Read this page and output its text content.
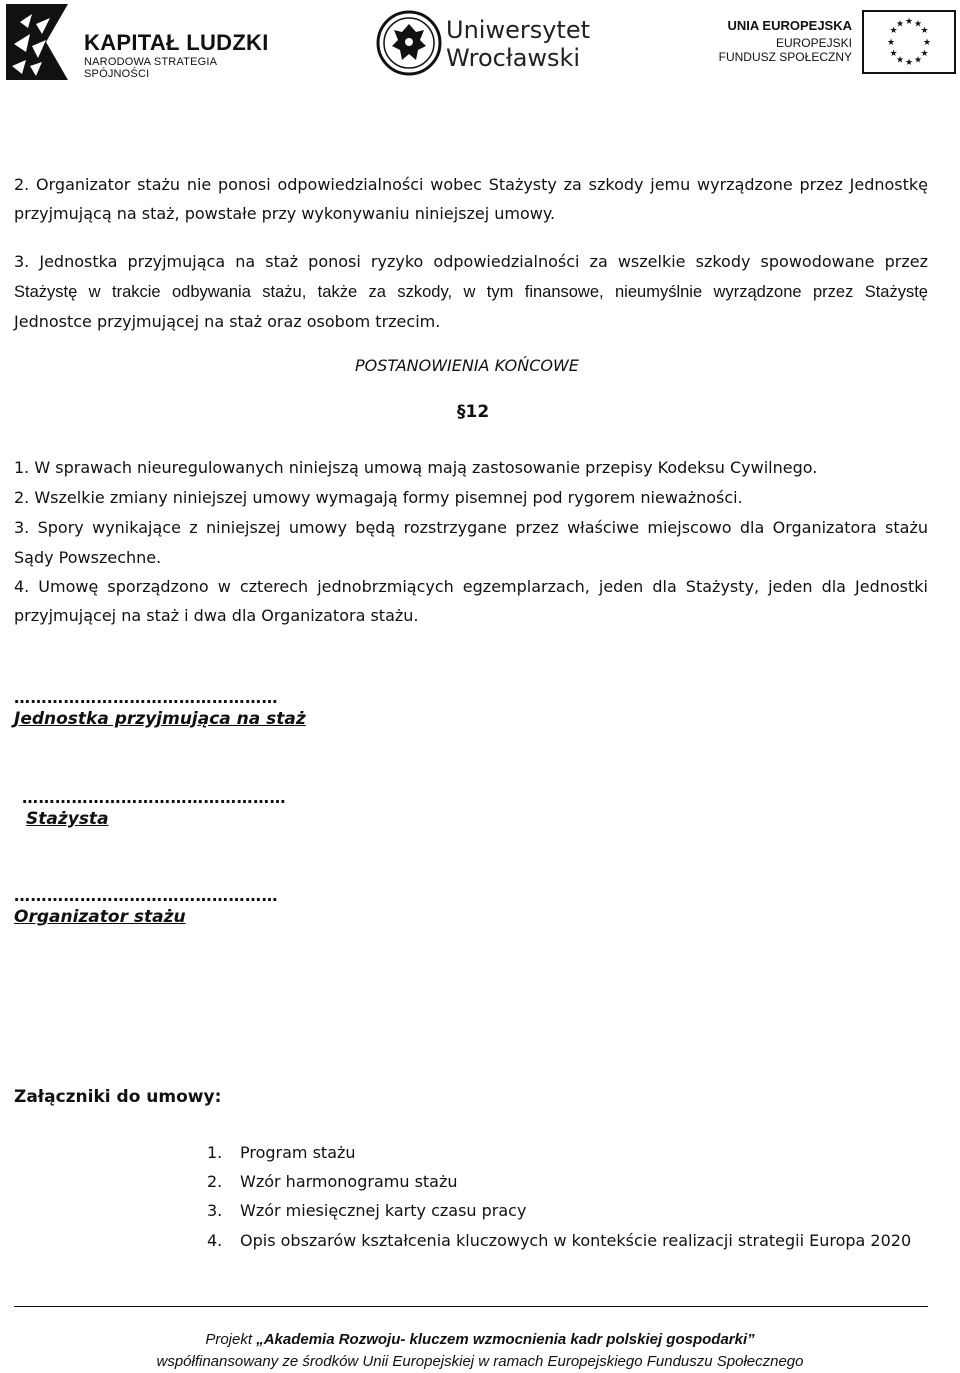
KAPITAŁ LUDZKI
NARODOWA STRATEGIA SPÓJNOŚCI
Uniwersytet
Wrocławski
UNIA EUROPEJSKA
EUROPEJSKI
FUNDUSZ SPOŁECZNY
★ ★
★
★
★
★
★
★
★
★
★
★
2. Organizator stażu nie ponosi odpowiedzialności wobec Stażysty za szkody jemu wyrządzone przez Jednostkę
przyjmującą na staż, powstałe przy wykonywaniu niniejszej umowy.
3. Jednostka przyjmująca na staż ponosi ryzyko odpowiedzialności za wszelkie szkody spowodowane przez
Stażystę w trakcie odbywania stażu, także za szkody, w tym finansowe, nieumyślnie wyrządzone przez Stażystę
Jednostce przyjmującej na staż oraz osobom trzecim.
POSTANOWIENIA KOŃCOWE
§12
1. W sprawach nieuregulowanych niniejszą umową mają zastosowanie przepisy Kodeksu Cywilnego.
2. Wszelkie zmiany niniejszej umowy wymagają formy pisemnej pod rygorem nieważności.
3. Spory wynikające z niniejszej umowy będą rozstrzygane przez właściwe miejscowo dla Organizatora stażu
Sądy Powszechne.
4. Umowę sporządzono w czterech jednobrzmiących egzemplarzach, jeden dla Stażysty, jeden dla Jednostki
przyjmującej na staż i dwa dla Organizatora stażu.
…………………………………………
Jednostka przyjmująca na staż
…………………………………………
Stażysta
…………………………………………
Organizator stażu
Załączniki do umowy:
1. Program stażu
2. Wzór harmonogramu stażu
3. Wzór miesięcznej karty czasu pracy
4. Opis obszarów kształcenia kluczowych w kontekście realizacji strategii Europa 2020
Projekt „Akademia Rozwoju- kluczem wzmocnienia kadr polskiej gospodarki”
współfinansowany ze środków Unii Europejskiej w ramach Europejskiego Funduszu Społecznego
